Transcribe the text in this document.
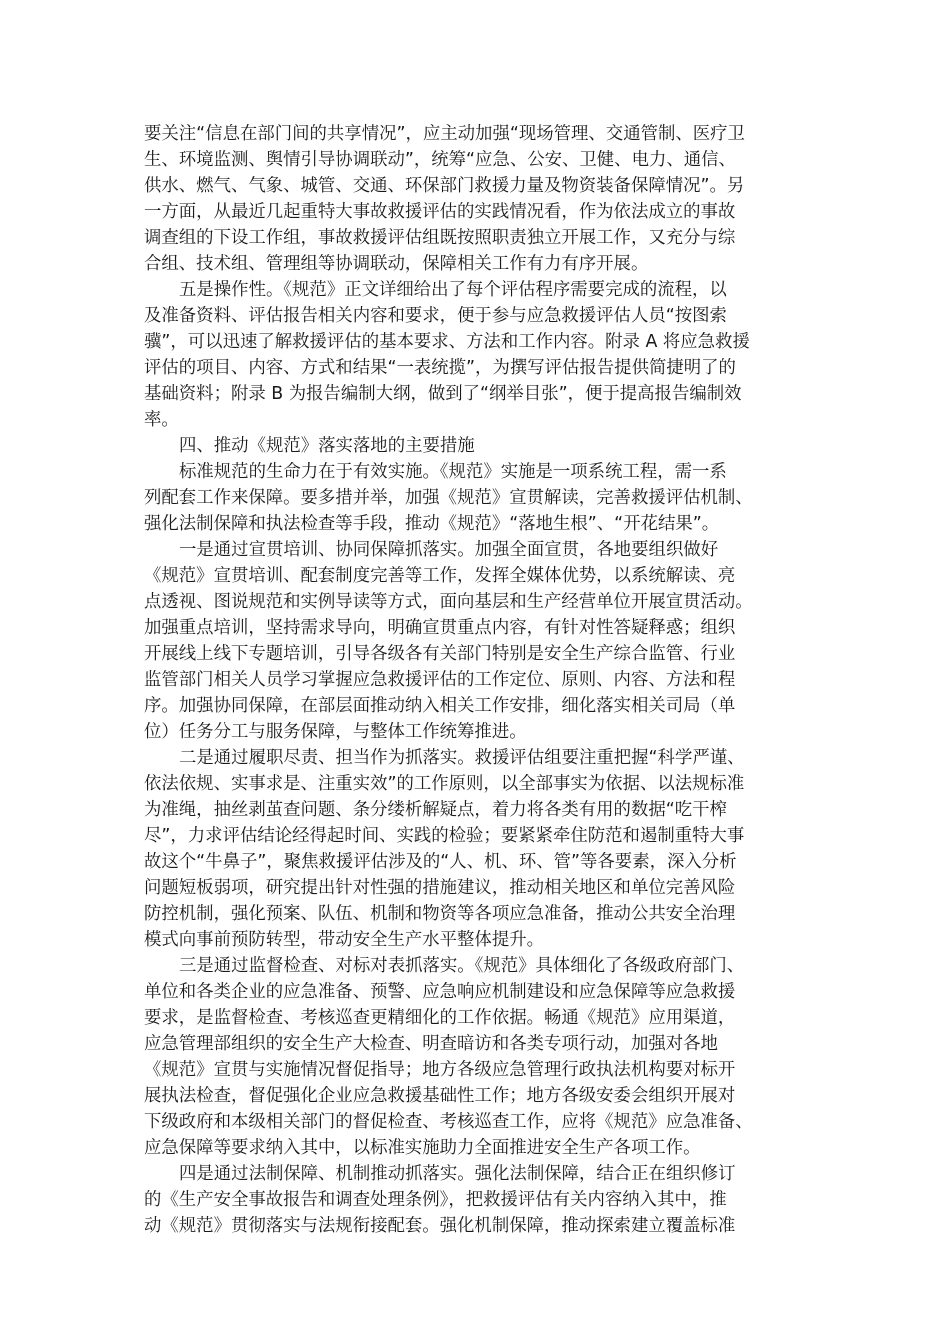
要关注“信息在部门间的共享情况”，应主动加强“现场管理、交通管制、医疗卫
生、环境监测、舆情引导协调联动”，统筹“应急、公安、卫健、电力、通信、
供水、燃气、气象、城管、交通、环保部门救援力量及物资装备保障情况”。另
一方面，从最近几起重特大事故救援评估的实践情况看，作为依法成立的事故
调查组的下设工作组，事故救援评估组既按照职责独立开展工作，又充分与综
合组、技术组、管理组等协调联动，保障相关工作有力有序开展。
五是操作性。《规范》正文详细给出了每个评估程序需要完成的流程，以
及准备资料、评估报告相关内容和要求，便于参与应急救援评估人员“按图索
骥”，可以迅速了解救援评估的基本要求、方法和工作内容。附录 A 将应急救援
评估的项目、内容、方式和结果“一表统揽”，为撰写评估报告提供简捷明了的
基础资料；附录 B 为报告编制大纲，做到了“纲举目张”，便于提高报告编制效
率。
四、推动《规范》落实落地的主要措施
标准规范的生命力在于有效实施。《规范》实施是一项系统工程，需一系
列配套工作来保障。要多措并举，加强《规范》宣贯解读，完善救援评估机制、
强化法制保障和执法检查等手段，推动《规范》“落地生根”、“开花结果”。
一是通过宣贯培训、协同保障抓落实。加强全面宣贯，各地要组织做好
《规范》宣贯培训、配套制度完善等工作，发挥全媒体优势，以系统解读、亮
点透视、图说规范和实例导读等方式，面向基层和生产经营单位开展宣贯活动。
加强重点培训，坚持需求导向，明确宣贯重点内容，有针对性答疑释惑；组织
开展线上线下专题培训，引导各级各有关部门特别是安全生产综合监管、行业
监管部门相关人员学习掌握应急救援评估的工作定位、原则、内容、方法和程
序。加强协同保障，在部层面推动纳入相关工作安排，细化落实相关司局（单
位）任务分工与服务保障，与整体工作统筹推进。
二是通过履职尽责、担当作为抓落实。救援评估组要注重把握“科学严谨、
依法依规、实事求是、注重实效”的工作原则，以全部事实为依据、以法规标准
为准绳，抽丝剥茧查问题、条分缕析解疑点，着力将各类有用的数据“吃干榨
尽”，力求评估结论经得起时间、实践的检验；要紧紧牵住防范和遏制重特大事
故这个“牛鼻子”，聚焦救援评估涉及的“人、机、环、管”等各要素，深入分析
问题短板弱项，研究提出针对性强的措施建议，推动相关地区和单位完善风险
防控机制，强化预案、队伍、机制和物资等各项应急准备，推动公共安全治理
模式向事前预防转型，带动安全生产水平整体提升。
三是通过监督检查、对标对表抓落实。《规范》具体细化了各级政府部门、
单位和各类企业的应急准备、预警、应急响应机制建设和应急保障等应急救援
要求，是监督检查、考核巡查更精细化的工作依据。畅通《规范》应用渠道，
应急管理部组织的安全生产大检查、明查暗访和各类专项行动，加强对各地
《规范》宣贯与实施情况督促指导；地方各级应急管理行政执法机构要对标开
展执法检查，督促强化企业应急救援基础性工作；地方各级安委会组织开展对
下级政府和本级相关部门的督促检查、考核巡查工作，应将《规范》应急准备、
应急保障等要求纳入其中，以标准实施助力全面推进安全生产各项工作。
四是通过法制保障、机制推动抓落实。强化法制保障，结合正在组织修订
的《生产安全事故报告和调查处理条例》，把救援评估有关内容纳入其中，推
动《规范》贯彻落实与法规衔接配套。强化机制保障，推动探索建立覆盖标准
